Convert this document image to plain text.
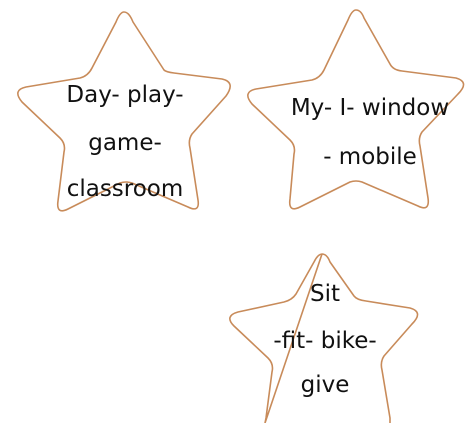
Day- play-
game-
classroom
My- I- window
- mobile
Sit
-fit- bike-
give
